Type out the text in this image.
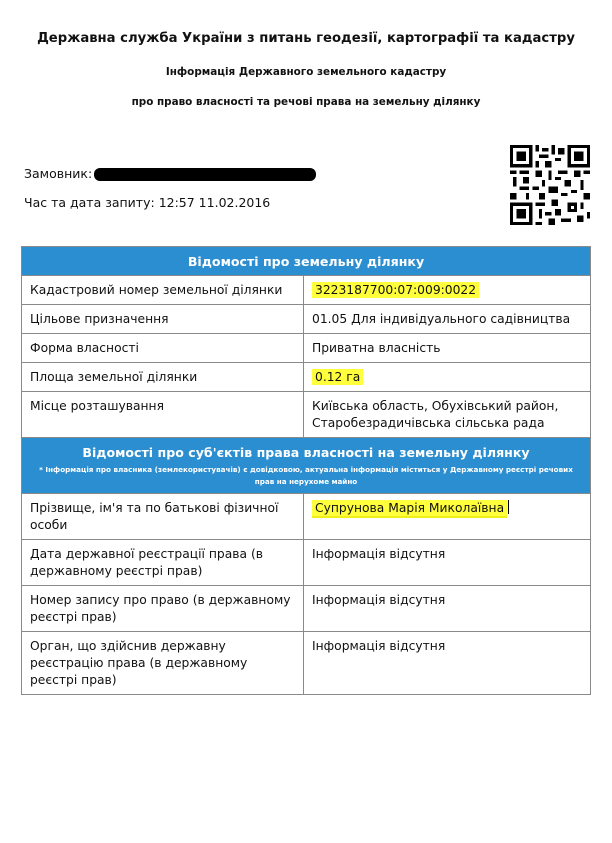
Державна служба України з питань геодезії, картографії та кадастру
Інформація Державного земельного кадастру
про право власності та речові права на земельну ділянку
Замовник:
Час та дата запиту: 12:57 11.02.2016
Відомості про земельну ділянку	
Кадастровий номер земельної ділянки	3223187700:07:009:0022
Цільове призначення	01.05 Для індивідуального садівництва
Форма власності	Приватна власність
Площа земельної ділянки	0.12 га
Місце розташування	Київська область, Обухівський район, Старобезрадичівська сільська рада

Відомості про суб'єктів права власності на земельну ділянку
* Інформація про власника (землекористувачів) є довідковою, актуальна інформація міститься у Державному реєстрі речових прав на нерухоме майно	

Прізвище, ім'я та по батькові фізичної особи	Супрунова Марія Миколаївна
Дата державної реєстрації права (в державному реєстрі прав)	Інформація відсутня
Номер запису про право (в державному реєстрі прав)	Інформація відсутня
Орган, що здійснив державну реєстрацію права (в державному реєстрі прав)	Інформація відсутня
